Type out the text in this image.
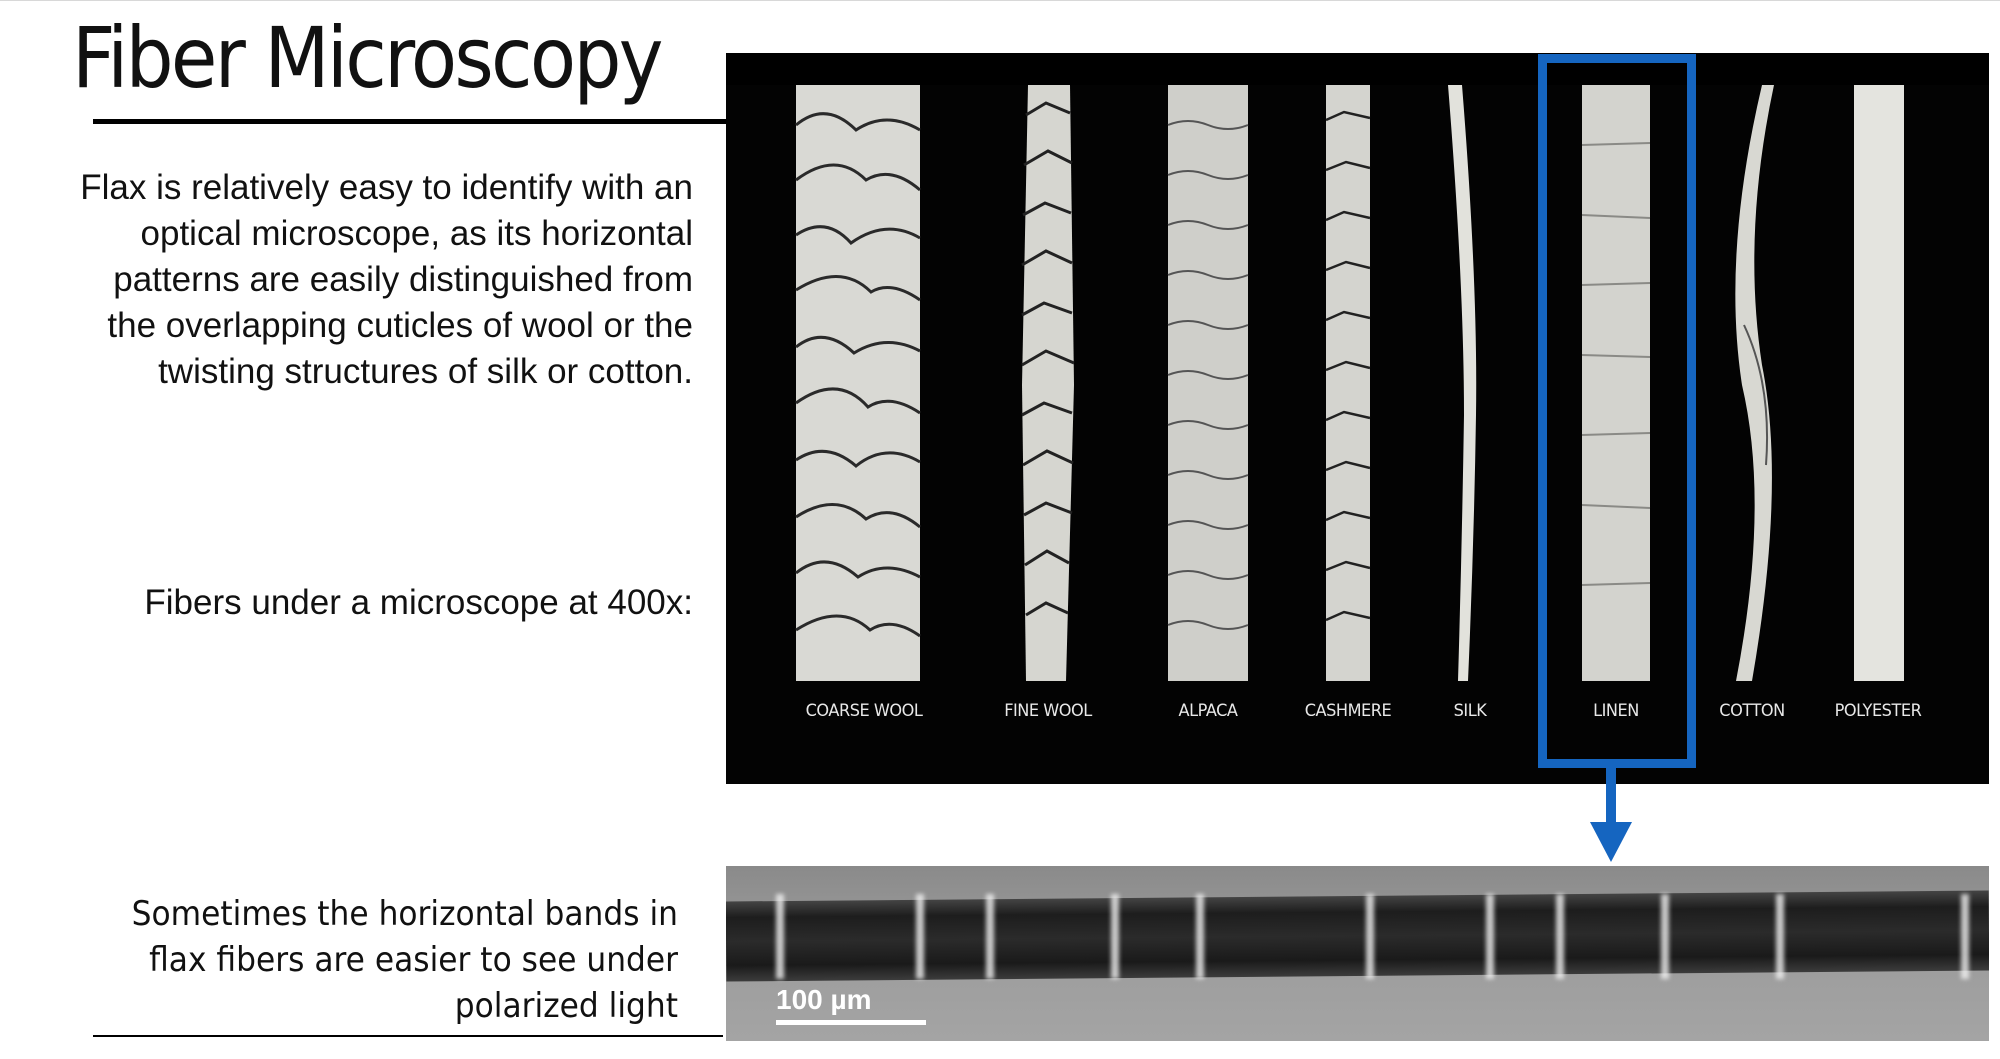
Fiber Microscopy
Flax is relatively easy to identify with an
optical microscope, as its horizontal
patterns are easily distinguished from
the overlapping cuticles of wool or the
twisting structures of silk or cotton.
Fibers under a microscope at 400x:
Sometimes the horizontal bands in
flax fibers are easier to see under
polarized light
COARSE WOOL	FINE WOOL	ALPACA	CASHMERE	SILK	LINEN	COTTON	POLYESTER
100 µm
